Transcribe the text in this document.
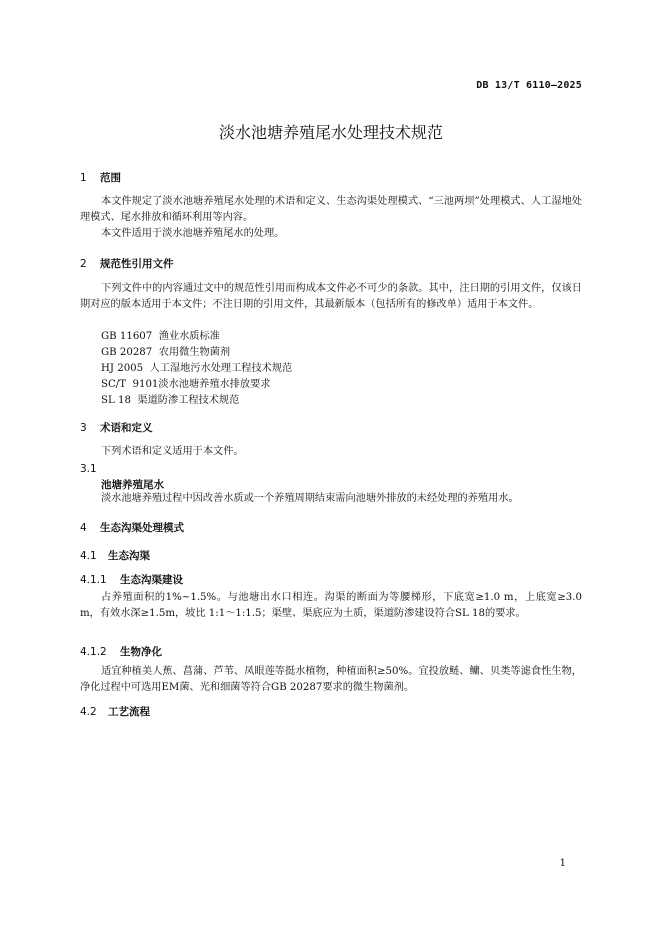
DB 13/T 6110—2025
淡水池塘养殖尾水处理技术规范
1 范围

本文件规定了淡水池塘养殖尾水处理的术语和定义、生态沟渠处理模式、“三池两坝”处理模式、人工湿地处理模式、尾水排放和循环利用等内容。

本文件适用于淡水池塘养殖尾水的处理。

2 规范性引用文件

下列文件中的内容通过文中的规范性引用而构成本文件必不可少的条款。其中，注日期的引用文件，仅该日期对应的版本适用于本文件；不注日期的引用文件，其最新版本（包括所有的修改单）适用于本文件。

GB 11607  渔业水质标准
GB 20287  农用微生物菌剂
HJ 2005  人工湿地污水处理工程技术规范
SC/T  9101淡水池塘养殖水排放要求
SL 18  渠道防渗工程技术规范
3 术语和定义

下列术语和定义适用于本文件。

3.1
池塘养殖尾水

淡水池塘养殖过程中因改善水质或一个养殖周期结束需向池塘外排放的未经处理的养殖用水。

4 生态沟渠处理模式
4.1 生态沟渠
4.1.1 生态沟渠建设

占养殖面积的1%~1.5%。与池塘出水口相连。沟渠的断面为等腰梯形，下底宽≥1.0 m，上底宽≥3.0 m，有效水深≥1.5m，坡比 1:1～1:1.5；渠壁、渠底应为土质，渠道防渗建设符合SL 18的要求。

4.1.2 生物净化

适宜种植美人蕉、菖蒲、芦苇、凤眼莲等挺水植物，种植面积≥50%。宜投放鲢、鳙、贝类等滤食性生物，净化过程中可选用EM菌、光和细菌等符合GB 20287要求的微生物菌剂。

4.2 工艺流程
1
